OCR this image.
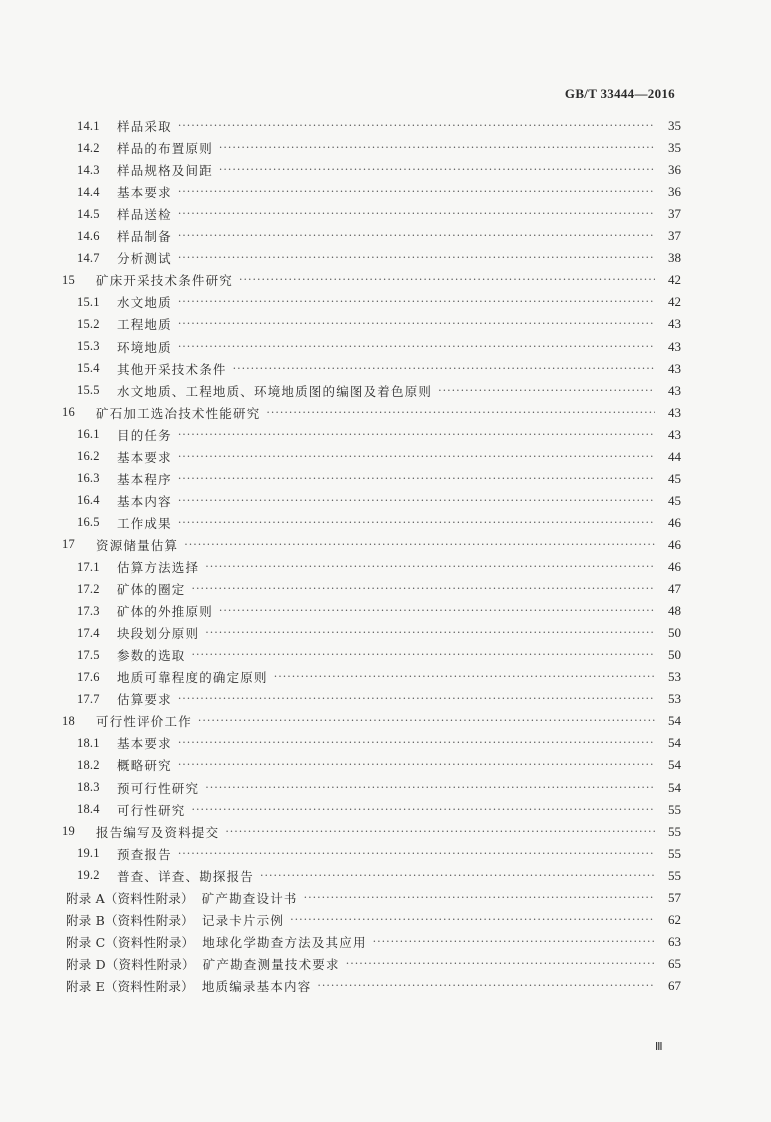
GB/T 33444—2016
14.1	样品采取 ·····	35
14.2	样品的布置原则 ·····	35
14.3	样品规格及间距 ·····	36
14.4	基本要求 ·····	36
14.5	样品送检 ·····	37
14.6	样品制备 ·····	37
14.7	分析测试 ·····	38
15	矿床开采技术条件研究 ·····	42
15.1	水文地质 ·····	42
15.2	工程地质 ·····	43
15.3	环境地质 ·····	43
15.4	其他开采技术条件 ·····	43
15.5	水文地质、工程地质、环境地质图的编图及着色原则 ·····	43
16	矿石加工选冶技术性能研究 ·····	43
16.1	目的任务 ·····	43
16.2	基本要求 ·····	44
16.3	基本程序 ·····	45
16.4	基本内容 ·····	45
16.5	工作成果 ·····	46
17	资源储量估算 ·····	46
17.1	估算方法选择 ·····	46
17.2	矿体的圈定 ·····	47
17.3	矿体的外推原则 ·····	48
17.4	块段划分原则 ·····	50
17.5	参数的选取 ·····	50
17.6	地质可靠程度的确定原则 ·····	53
17.7	估算要求 ·····	53
18	可行性评价工作 ·····	54
18.1	基本要求 ·····	54
18.2	概略研究 ·····	54
18.3	预可行性研究 ·····	54
18.4	可行性研究 ·····	55
19	报告编写及资料提交 ·····	55
19.1	预查报告 ·····	55
19.2	普查、详查、勘探报告 ·····	55
附录 A（资料性附录） 矿产勘查设计书 ·····	57
附录 B（资料性附录） 记录卡片示例 ·····	62
附录 C（资料性附录） 地球化学勘查方法及其应用 ·····	63
附录 D（资料性附录） 矿产勘查测量技术要求 ·····	65
附录 E（资料性附录） 地质编录基本内容 ·····	67
Ⅲ
